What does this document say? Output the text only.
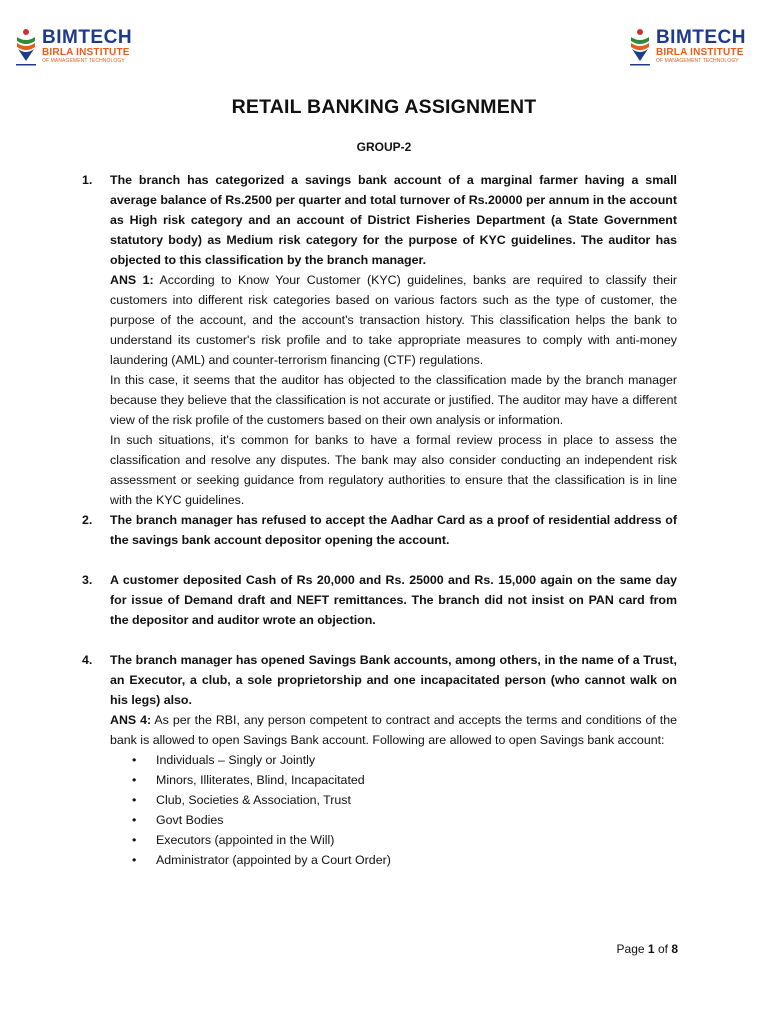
BIMTECH
BIRLA INSTITUTE
OF MANAGEMENT TECHNOLOGY
BIMTECH
BIRLA INSTITUTE
OF MANAGEMENT TECHNOLOGY
RETAIL BANKING ASSIGNMENT
GROUP-2
1. The branch has categorized a savings bank account of a marginal farmer having a small average balance of Rs.2500 per quarter and total turnover of Rs.20000 per annum in the account as High risk category and an account of District Fisheries Department (a State Government statutory body) as Medium risk category for the purpose of KYC guidelines. The auditor has objected to this classification by the branch manager.

ANS 1: According to Know Your Customer (KYC) guidelines, banks are required to classify their customers into different risk categories based on various factors such as the type of customer, the purpose of the account, and the account's transaction history. This classification helps the bank to understand its customer's risk profile and to take appropriate measures to comply with anti-money laundering (AML) and counter-terrorism financing (CTF) regulations.

In this case, it seems that the auditor has objected to the classification made by the branch manager because they believe that the classification is not accurate or justified. The auditor may have a different view of the risk profile of the customers based on their own analysis or information.

In such situations, it's common for banks to have a formal review process in place to assess the classification and resolve any disputes. The bank may also consider conducting an independent risk assessment or seeking guidance from regulatory authorities to ensure that the classification is in line with the KYC guidelines.

2. The branch manager has refused to accept the Aadhar Card as a proof of residential address of the savings bank account depositor opening the account.
3. A customer deposited Cash of Rs 20,000 and Rs. 25000 and Rs. 15,000 again on the same day for issue of Demand draft and NEFT remittances. The branch did not insist on PAN card from the depositor and auditor wrote an objection.
4. The branch manager has opened Savings Bank accounts, among others, in the name of a Trust, an Executor, a club, a sole proprietorship and one incapacitated person (who cannot walk on his legs) also.

ANS 4: As per the RBI, any person competent to contract and accepts the terms and conditions of the bank is allowed to open Savings Bank account. Following are allowed to open Savings bank account:

• Individuals – Singly or Jointly
• Minors, Illiterates, Blind, Incapacitated
• Club, Societies & Association, Trust
• Govt Bodies
• Executors (appointed in the Will)
• Administrator (appointed by a Court Order)
Page 1 of 8
